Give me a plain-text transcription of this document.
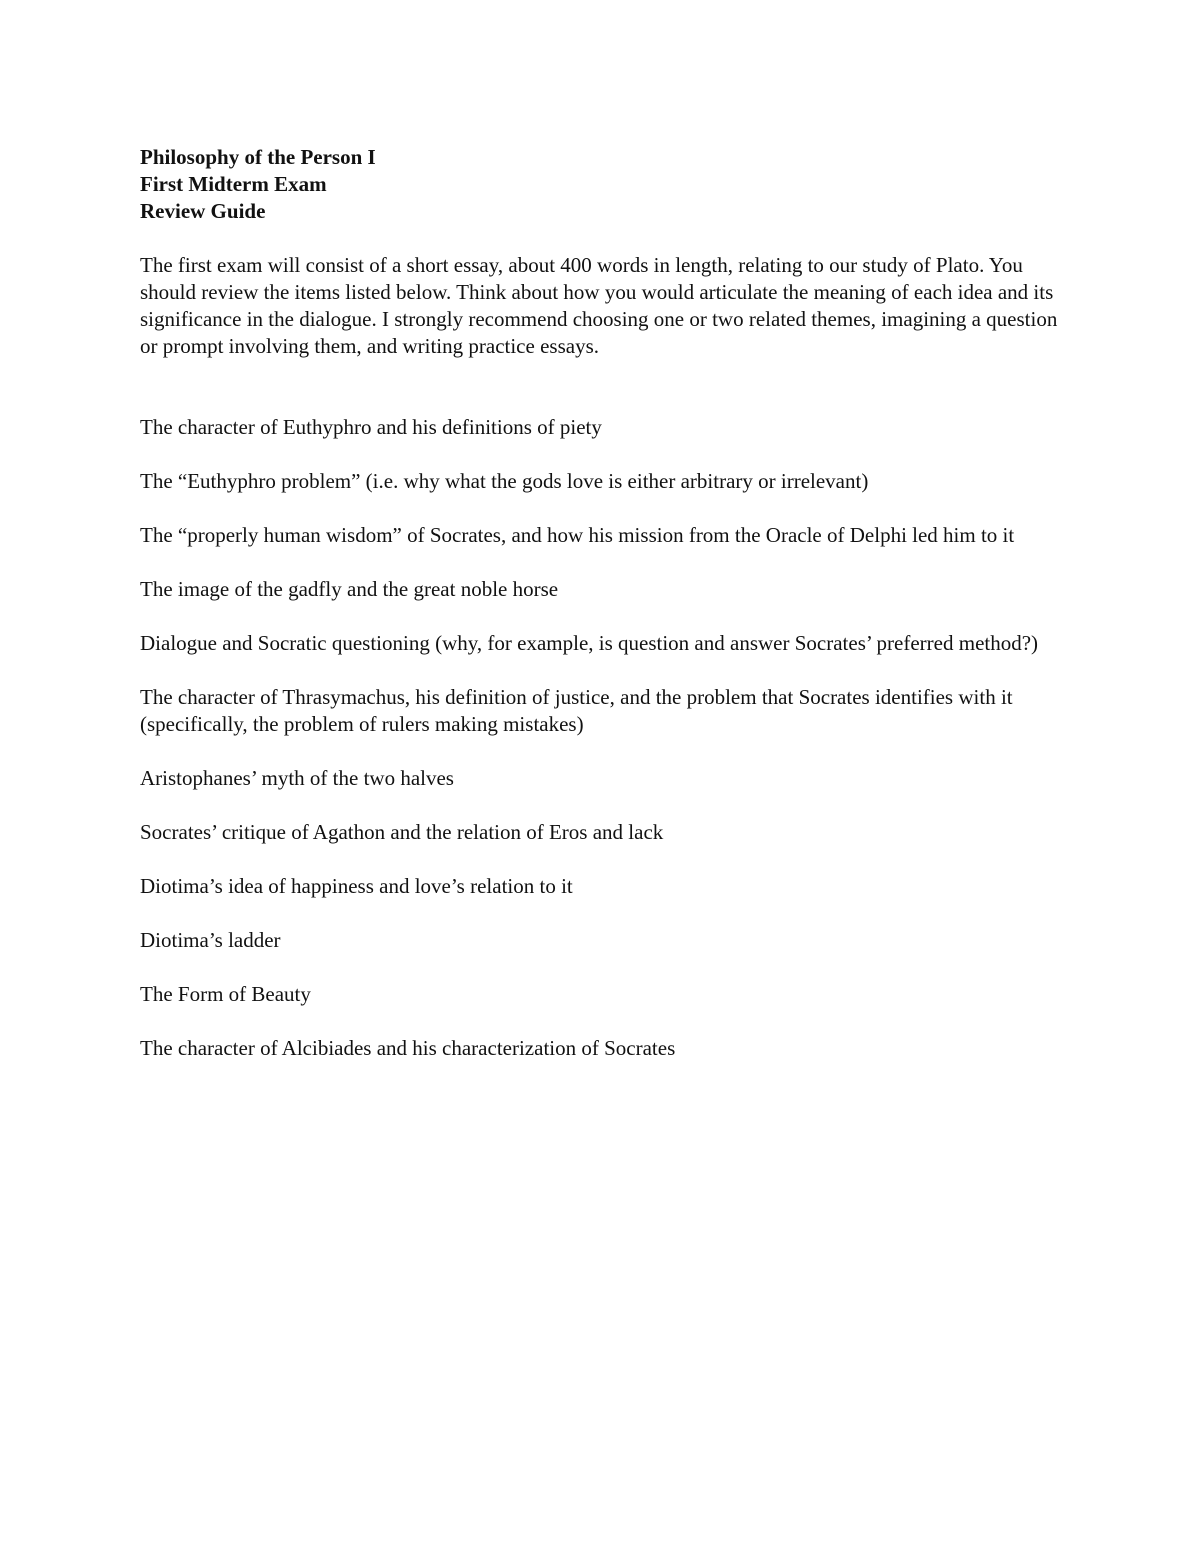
Philosophy of the Person I
First Midterm Exam
Review Guide

The first exam will consist of a short essay, about 400 words in length, relating to our study of Plato. You should review the items listed below. Think about how you would articulate the meaning of each idea and its significance in the dialogue. I strongly recommend choosing one or two related themes, imagining a question or prompt involving them, and writing practice essays.

The character of Euthyphro and his definitions of piety
The “Euthyphro problem” (i.e. why what the gods love is either arbitrary or irrelevant)
The “properly human wisdom” of Socrates, and how his mission from the Oracle of Delphi led him to it
The image of the gadfly and the great noble horse
Dialogue and Socratic questioning (why, for example, is question and answer Socrates’ preferred method?)
The character of Thrasymachus, his definition of justice, and the problem that Socrates identifies with it (specifically, the problem of rulers making mistakes)
Aristophanes’ myth of the two halves
Socrates’ critique of Agathon and the relation of Eros and lack
Diotima’s idea of happiness and love’s relation to it
Diotima’s ladder
The Form of Beauty
The character of Alcibiades and his characterization of Socrates
